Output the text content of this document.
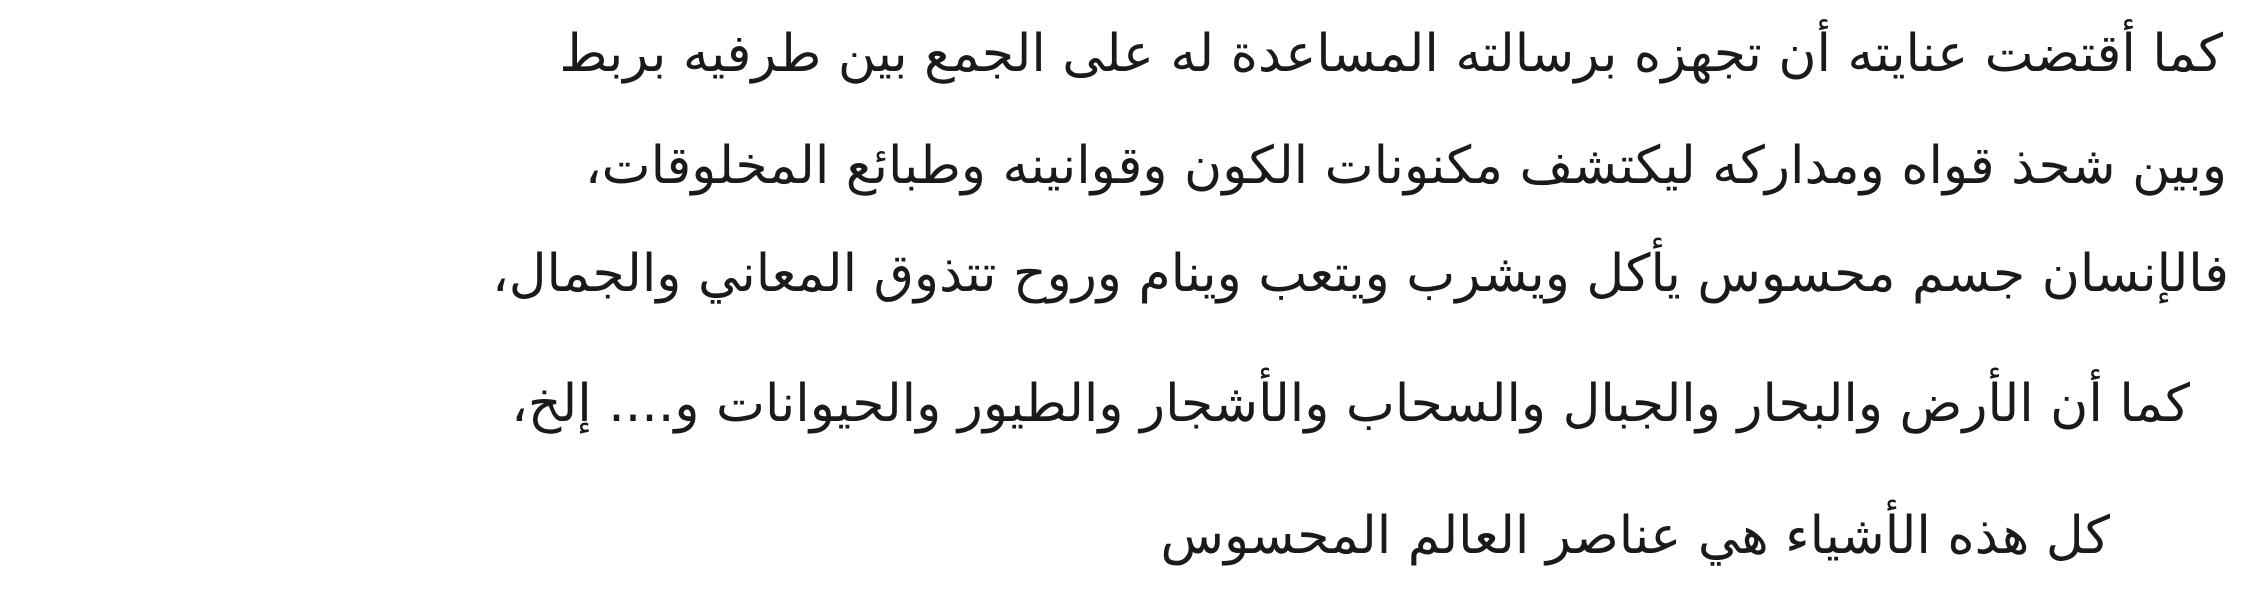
كما أقتضت عنايته أن تجهزه برسالته المساعدة له على الجمع بين طرفيه بربط
وبين شحذ قواه ومداركه ليكتشف مكنونات الكون وقوانينه وطبائع المخلوقات،
فالإنسان جسم محسوس يأكل ويشرب ويتعب وينام وروح تتذوق المعاني والجمال،
كما أن الأرض والبحار والجبال والسحاب والأشجار والطيور والحيوانات و.... إلخ،
كل هذه الأشياء هي عناصر العالم المحسوس
